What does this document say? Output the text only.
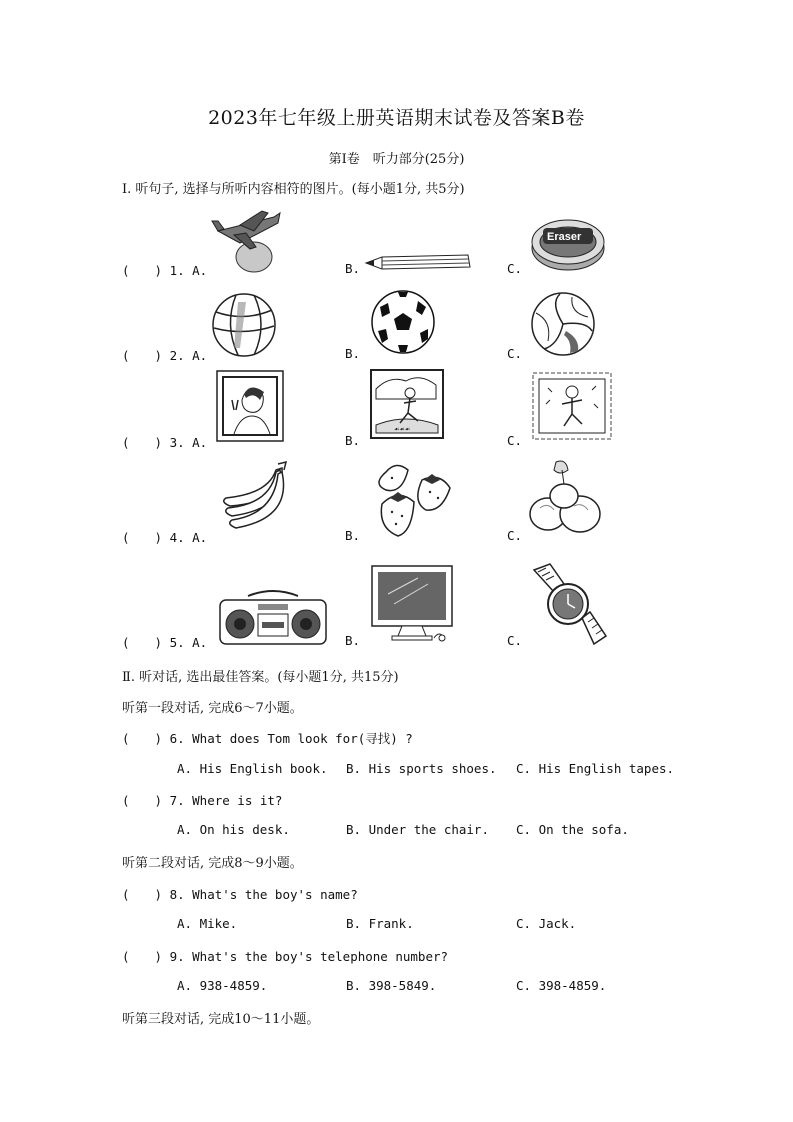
2023年七年级上册英语期末试卷及答案B卷
第Ⅰ卷　听力部分(25分)
Ⅰ. 听句子, 选择与所听内容相符的图片。(每小题1分, 共5分)
(　　) 1. A.	B.	C.
Eraser
(　　) 2. A.	B.	C.
(　　) 3. A.	B.	C.
☙☙☙
(　　) 4. A.	B.	C.
(　　) 5. A.	B.	C.
Ⅱ. 听对话, 选出最佳答案。(每小题1分, 共15分)
听第一段对话, 完成6～7小题。
(　　) 6. What does Tom look for(寻找) ?
A. His English book. B. His sports shoes. C. His English tapes.
(　　) 7. Where is it?
A. On his desk.	B. Under the chair. C. On the sofa.
听第二段对话, 完成8～9小题。
(　　) 8. What's the boy's name?
A. Mike.	B. Frank.	C. Jack.
(　　) 9. What's the boy's telephone number?
A. 938-4859.	B. 398-5849.	C. 398-4859.
听第三段对话, 完成10～11小题。
